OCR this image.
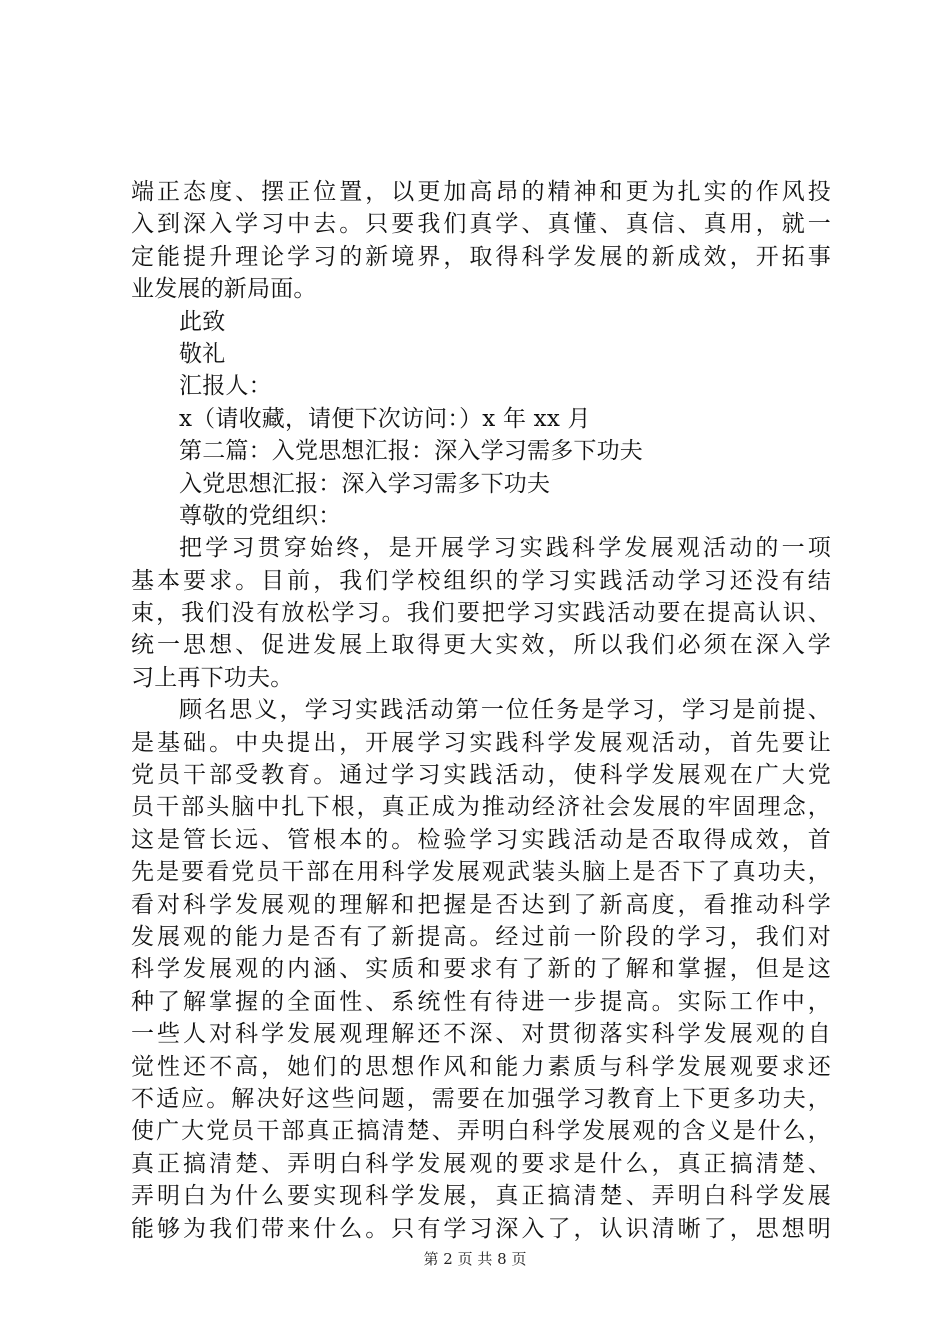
端正态度、摆正位置，以更加高昂的精神和更为扎实的作风投
入到深入学习中去。只要我们真学、真懂、真信、真用，就一
定能提升理论学习的新境界，取得科学发展的新成效，开拓事
业发展的新局面。
此致
敬礼
汇报人：
x（请收藏，请便下次访问：）x 年 xx 月
第二篇：入党思想汇报：深入学习需多下功夫
入党思想汇报：深入学习需多下功夫
尊敬的党组织：
把学习贯穿始终，是开展学习实践科学发展观活动的一项
基本要求。目前，我们学校组织的学习实践活动学习还没有结
束，我们没有放松学习。我们要把学习实践活动要在提高认识、
统一思想、促进发展上取得更大实效，所以我们必须在深入学
习上再下功夫。
顾名思义，学习实践活动第一位任务是学习，学习是前提、
是基础。中央提出，开展学习实践科学发展观活动，首先要让
党员干部受教育。通过学习实践活动，使科学发展观在广大党
员干部头脑中扎下根，真正成为推动经济社会发展的牢固理念，
这是管长远、管根本的。检验学习实践活动是否取得成效，首
先是要看党员干部在用科学发展观武装头脑上是否下了真功夫，
看对科学发展观的理解和把握是否达到了新高度，看推动科学
发展观的能力是否有了新提高。经过前一阶段的学习，我们对
科学发展观的内涵、实质和要求有了新的了解和掌握，但是这
种了解掌握的全面性、系统性有待进一步提高。实际工作中，
一些人对科学发展观理解还不深、对贯彻落实科学发展观的自
觉性还不高，她们的思想作风和能力素质与科学发展观要求还
不适应。解决好这些问题，需要在加强学习教育上下更多功夫，
使广大党员干部真正搞清楚、弄明白科学发展观的含义是什么，
真正搞清楚、弄明白科学发展观的要求是什么，真正搞清楚、
弄明白为什么要实现科学发展，真正搞清楚、弄明白科学发展
能够为我们带来什么。只有学习深入了，认识清晰了，思想明
第 2 页 共 8 页
